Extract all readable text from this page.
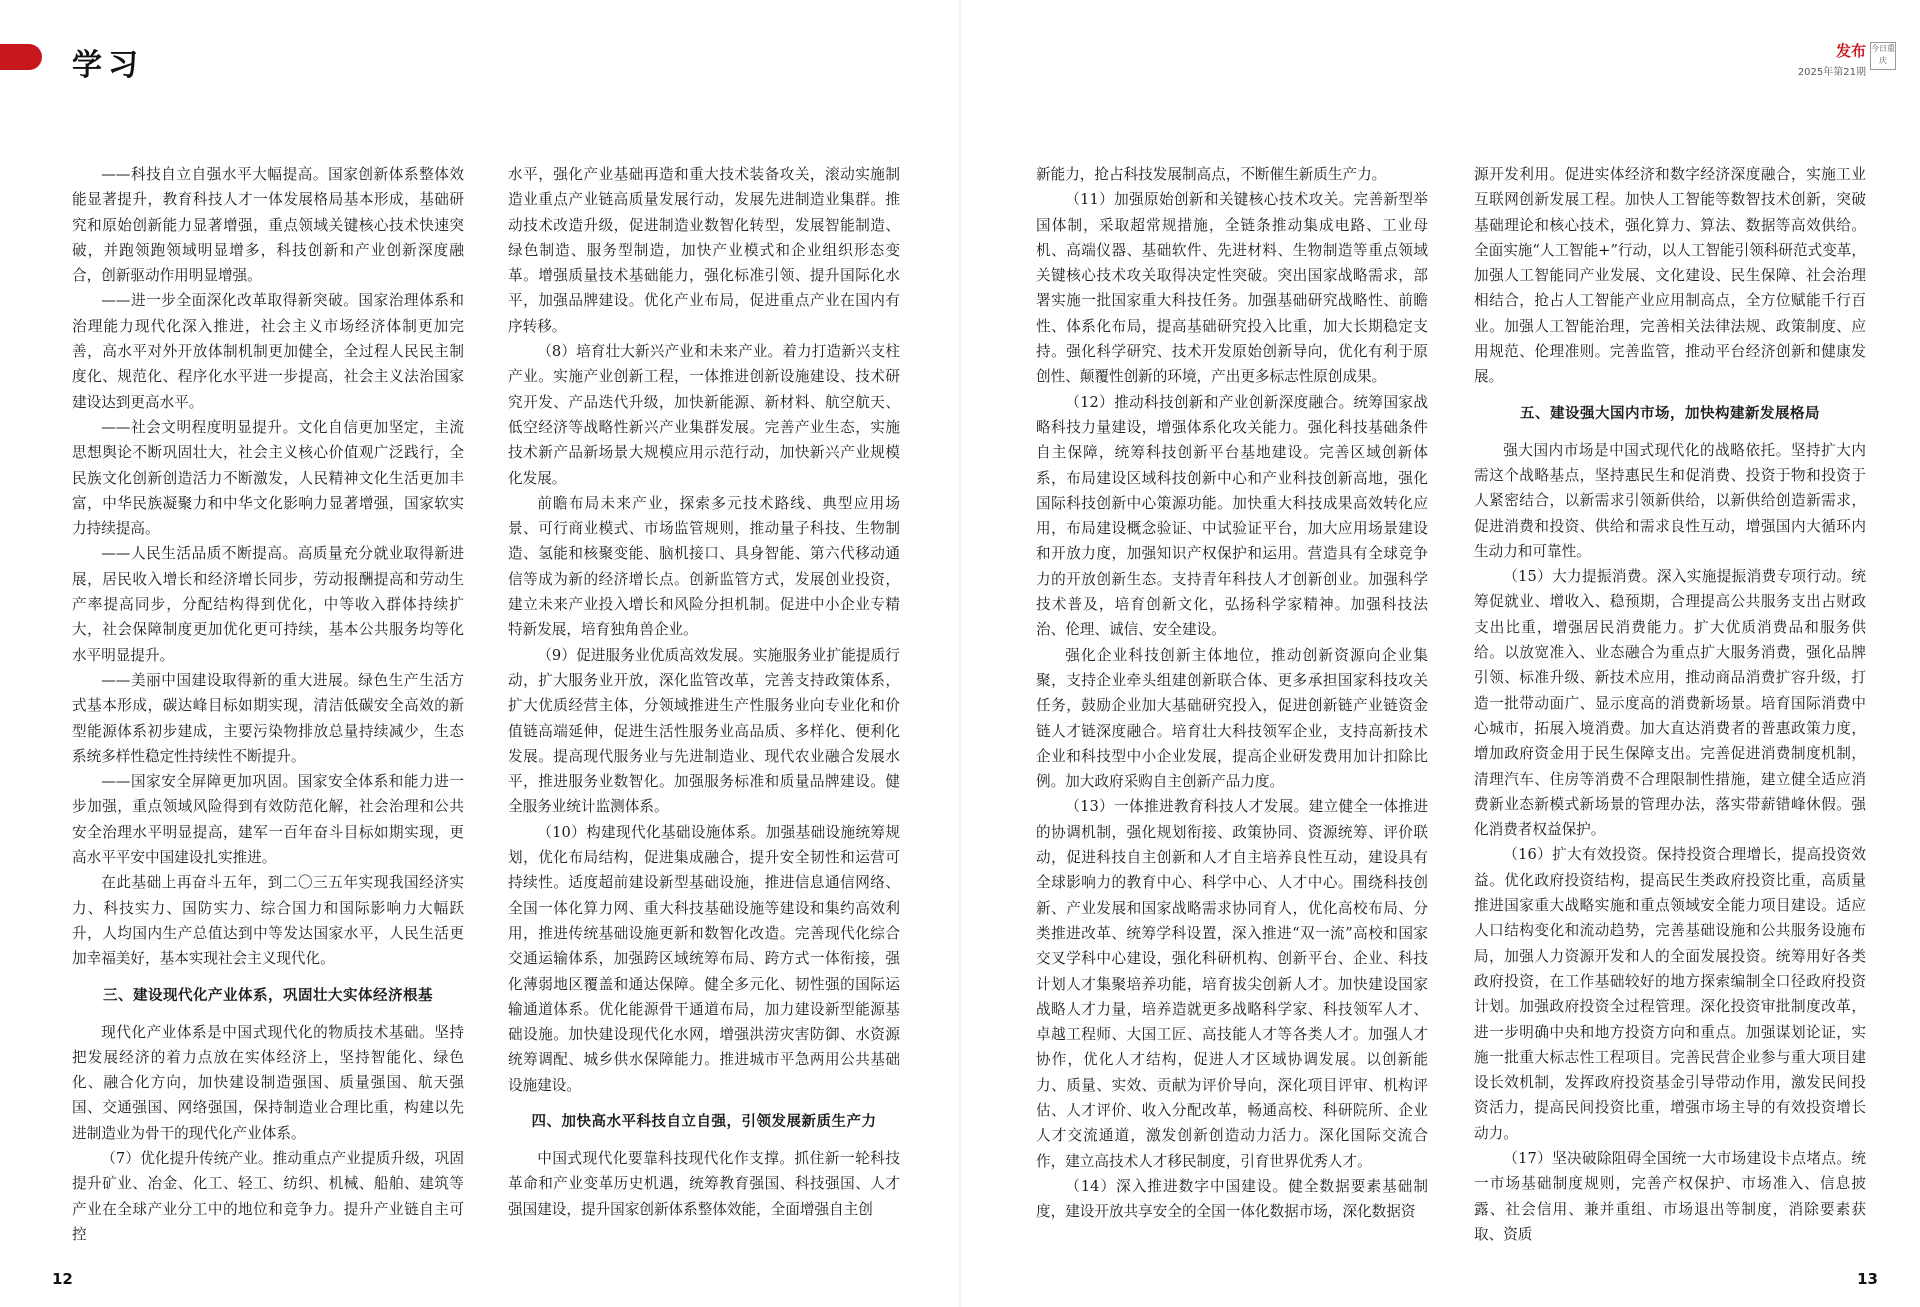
学习	发布
2025年第21期
今日重庆

——科技自立自强水平大幅提高。国家创新体系整体效能显著提升，教育科技人才一体发展格局基本形成，基础研究和原始创新能力显著增强，重点领域关键核心技术快速突破，并跑领跑领域明显增多，科技创新和产业创新深度融合，创新驱动作用明显增强。

——进一步全面深化改革取得新突破。国家治理体系和治理能力现代化深入推进，社会主义市场经济体制更加完善，高水平对外开放体制机制更加健全，全过程人民民主制度化、规范化、程序化水平进一步提高，社会主义法治国家建设达到更高水平。

——社会文明程度明显提升。文化自信更加坚定，主流思想舆论不断巩固壮大，社会主义核心价值观广泛践行，全民族文化创新创造活力不断激发，人民精神文化生活更加丰富，中华民族凝聚力和中华文化影响力显著增强，国家软实力持续提高。

——人民生活品质不断提高。高质量充分就业取得新进展，居民收入增长和经济增长同步，劳动报酬提高和劳动生产率提高同步，分配结构得到优化，中等收入群体持续扩大，社会保障制度更加优化更可持续，基本公共服务均等化水平明显提升。

——美丽中国建设取得新的重大进展。绿色生产生活方式基本形成，碳达峰目标如期实现，清洁低碳安全高效的新型能源体系初步建成，主要污染物排放总量持续减少，生态系统多样性稳定性持续性不断提升。

——国家安全屏障更加巩固。国家安全体系和能力进一步加强，重点领域风险得到有效防范化解，社会治理和公共安全治理水平明显提高，建军一百年奋斗目标如期实现，更高水平平安中国建设扎实推进。

在此基础上再奋斗五年，到二〇三五年实现我国经济实力、科技实力、国防实力、综合国力和国际影响力大幅跃升，人均国内生产总值达到中等发达国家水平，人民生活更加幸福美好，基本实现社会主义现代化。

三、建设现代化产业体系，巩固壮大实体经济根基

现代化产业体系是中国式现代化的物质技术基础。坚持把发展经济的着力点放在实体经济上，坚持智能化、绿色化、融合化方向，加快建设制造强国、质量强国、航天强国、交通强国、网络强国，保持制造业合理比重，构建以先进制造业为骨干的现代化产业体系。

（7）优化提升传统产业。推动重点产业提质升级，巩固提升矿业、冶金、化工、轻工、纺织、机械、船舶、建筑等产业在全球产业分工中的地位和竞争力。提升产业链自主可控

水平，强化产业基础再造和重大技术装备攻关，滚动实施制造业重点产业链高质量发展行动，发展先进制造业集群。推动技术改造升级，促进制造业数智化转型，发展智能制造、绿色制造、服务型制造，加快产业模式和企业组织形态变革。增强质量技术基础能力，强化标准引领、提升国际化水平，加强品牌建设。优化产业布局，促进重点产业在国内有序转移。

（8）培育壮大新兴产业和未来产业。着力打造新兴支柱产业。实施产业创新工程，一体推进创新设施建设、技术研究开发、产品迭代升级，加快新能源、新材料、航空航天、低空经济等战略性新兴产业集群发展。完善产业生态，实施技术新产品新场景大规模应用示范行动，加快新兴产业规模化发展。

前瞻布局未来产业，探索多元技术路线、典型应用场景、可行商业模式、市场监管规则，推动量子科技、生物制造、氢能和核聚变能、脑机接口、具身智能、第六代移动通信等成为新的经济增长点。创新监管方式，发展创业投资，建立未来产业投入增长和风险分担机制。促进中小企业专精特新发展，培育独角兽企业。

（9）促进服务业优质高效发展。实施服务业扩能提质行动，扩大服务业开放，深化监管改革，完善支持政策体系，扩大优质经营主体，分领域推进生产性服务业向专业化和价值链高端延伸，促进生活性服务业高品质、多样化、便利化发展。提高现代服务业与先进制造业、现代农业融合发展水平，推进服务业数智化。加强服务标准和质量品牌建设。健全服务业统计监测体系。

（10）构建现代化基础设施体系。加强基础设施统筹规划，优化布局结构，促进集成融合，提升安全韧性和运营可持续性。适度超前建设新型基础设施，推进信息通信网络、全国一体化算力网、重大科技基础设施等建设和集约高效利用，推进传统基础设施更新和数智化改造。完善现代化综合交通运输体系，加强跨区域统筹布局、跨方式一体衔接，强化薄弱地区覆盖和通达保障。健全多元化、韧性强的国际运输通道体系。优化能源骨干通道布局，加力建设新型能源基础设施。加快建设现代化水网，增强洪涝灾害防御、水资源统筹调配、城乡供水保障能力。推进城市平急两用公共基础设施建设。

四、加快高水平科技自立自强，引领发展新质生产力

中国式现代化要靠科技现代化作支撑。抓住新一轮科技革命和产业变革历史机遇，统筹教育强国、科技强国、人才强国建设，提升国家创新体系整体效能，全面增强自主创

新能力，抢占科技发展制高点，不断催生新质生产力。

（11）加强原始创新和关键核心技术攻关。完善新型举国体制，采取超常规措施，全链条推动集成电路、工业母机、高端仪器、基础软件、先进材料、生物制造等重点领域关键核心技术攻关取得决定性突破。突出国家战略需求，部署实施一批国家重大科技任务。加强基础研究战略性、前瞻性、体系化布局，提高基础研究投入比重，加大长期稳定支持。强化科学研究、技术开发原始创新导向，优化有利于原创性、颠覆性创新的环境，产出更多标志性原创成果。

（12）推动科技创新和产业创新深度融合。统筹国家战略科技力量建设，增强体系化攻关能力。强化科技基础条件自主保障，统筹科技创新平台基地建设。完善区域创新体系，布局建设区域科技创新中心和产业科技创新高地，强化国际科技创新中心策源功能。加快重大科技成果高效转化应用，布局建设概念验证、中试验证平台，加大应用场景建设和开放力度，加强知识产权保护和运用。营造具有全球竞争力的开放创新生态。支持青年科技人才创新创业。加强科学技术普及，培育创新文化，弘扬科学家精神。加强科技法治、伦理、诚信、安全建设。

强化企业科技创新主体地位，推动创新资源向企业集聚，支持企业牵头组建创新联合体、更多承担国家科技攻关任务，鼓励企业加大基础研究投入，促进创新链产业链资金链人才链深度融合。培育壮大科技领军企业，支持高新技术企业和科技型中小企业发展，提高企业研发费用加计扣除比例。加大政府采购自主创新产品力度。

（13）一体推进教育科技人才发展。建立健全一体推进的协调机制，强化规划衔接、政策协同、资源统筹、评价联动，促进科技自主创新和人才自主培养良性互动，建设具有全球影响力的教育中心、科学中心、人才中心。围绕科技创新、产业发展和国家战略需求协同育人，优化高校布局、分类推进改革、统筹学科设置，深入推进“双一流”高校和国家交叉学科中心建设，强化科研机构、创新平台、企业、科技计划人才集聚培养功能，培育拔尖创新人才。加快建设国家战略人才力量，培养造就更多战略科学家、科技领军人才、卓越工程师、大国工匠、高技能人才等各类人才。加强人才协作，优化人才结构，促进人才区域协调发展。以创新能力、质量、实效、贡献为评价导向，深化项目评审、机构评估、人才评价、收入分配改革，畅通高校、科研院所、企业人才交流通道，激发创新创造动力活力。深化国际交流合作，建立高技术人才移民制度，引育世界优秀人才。

（14）深入推进数字中国建设。健全数据要素基础制度，建设开放共享安全的全国一体化数据市场，深化数据资

源开发利用。促进实体经济和数字经济深度融合，实施工业互联网创新发展工程。加快人工智能等数智技术创新，突破基础理论和核心技术，强化算力、算法、数据等高效供给。全面实施“人工智能+”行动，以人工智能引领科研范式变革，加强人工智能同产业发展、文化建设、民生保障、社会治理相结合，抢占人工智能产业应用制高点，全方位赋能千行百业。加强人工智能治理，完善相关法律法规、政策制度、应用规范、伦理准则。完善监管，推动平台经济创新和健康发展。

五、建设强大国内市场，加快构建新发展格局

强大国内市场是中国式现代化的战略依托。坚持扩大内需这个战略基点，坚持惠民生和促消费、投资于物和投资于人紧密结合，以新需求引领新供给，以新供给创造新需求，促进消费和投资、供给和需求良性互动，增强国内大循环内生动力和可靠性。

（15）大力提振消费。深入实施提振消费专项行动。统筹促就业、增收入、稳预期，合理提高公共服务支出占财政支出比重，增强居民消费能力。扩大优质消费品和服务供给。以放宽准入、业态融合为重点扩大服务消费，强化品牌引领、标准升级、新技术应用，推动商品消费扩容升级，打造一批带动面广、显示度高的消费新场景。培育国际消费中心城市，拓展入境消费。加大直达消费者的普惠政策力度，增加政府资金用于民生保障支出。完善促进消费制度机制，清理汽车、住房等消费不合理限制性措施，建立健全适应消费新业态新模式新场景的管理办法，落实带薪错峰休假。强化消费者权益保护。

（16）扩大有效投资。保持投资合理增长，提高投资效益。优化政府投资结构，提高民生类政府投资比重，高质量推进国家重大战略实施和重点领域安全能力项目建设。适应人口结构变化和流动趋势，完善基础设施和公共服务设施布局，加强人力资源开发和人的全面发展投资。统筹用好各类政府投资，在工作基础较好的地方探索编制全口径政府投资计划。加强政府投资全过程管理。深化投资审批制度改革，进一步明确中央和地方投资方向和重点。加强谋划论证，实施一批重大标志性工程项目。完善民营企业参与重大项目建设长效机制，发挥政府投资基金引导带动作用，激发民间投资活力，提高民间投资比重，增强市场主导的有效投资增长动力。

（17）坚决破除阻碍全国统一大市场建设卡点堵点。统一市场基础制度规则，完善产权保护、市场准入、信息披露、社会信用、兼并重组、市场退出等制度，消除要素获取、资质

12	13
